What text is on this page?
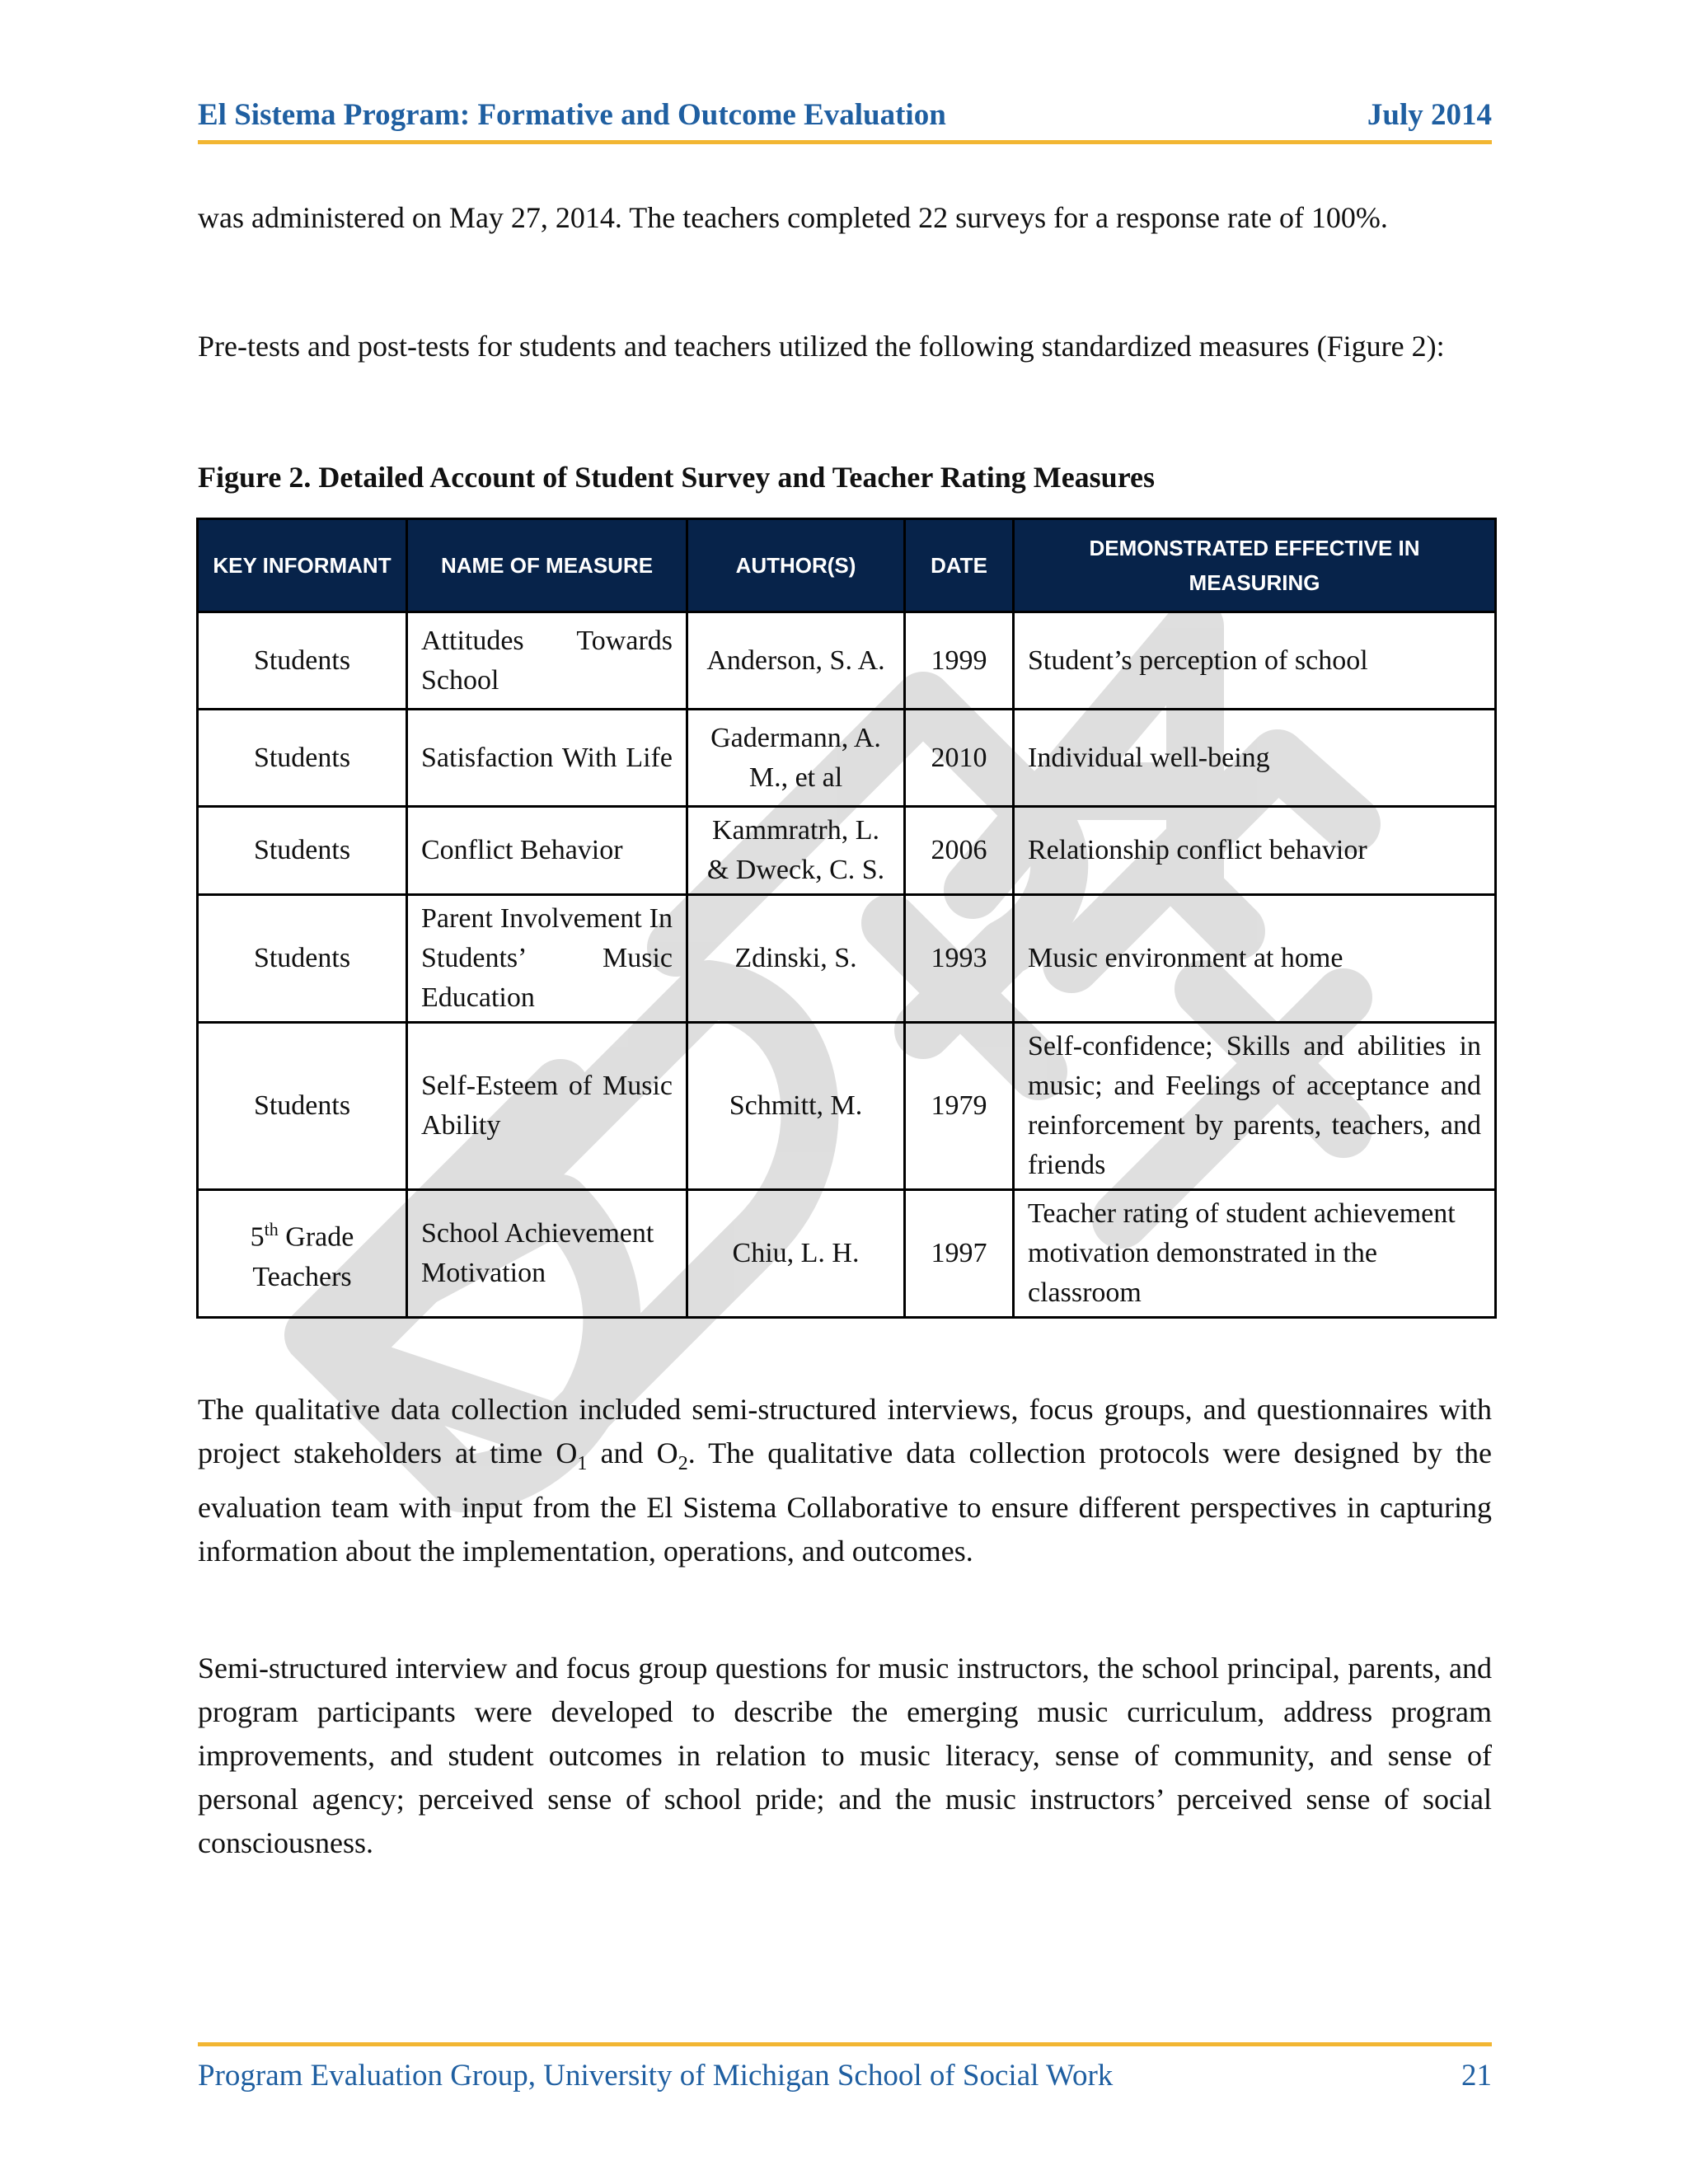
El Sistema Program: Formative and Outcome Evaluation	July 2014

was administered on May 27, 2014. The teachers completed 22 surveys for a response rate of 100%.

Pre-tests and post-tests for students and teachers utilized the following standardized measures (Figure 2):

Figure 2. Detailed Account of Student Survey and Teacher Rating Measures

KEY INFORMANT	NAME OF MEASURE	AUTHOR(S)	DATE	DEMONSTRATED EFFECTIVE IN MEASURING
Students	Attitudes Towards School	Anderson, S. A.	1999	Student’s perception of school
Students	Satisfaction With Life	Gadermann, A. M., et al	2010	Individual well-being
Students	Conflict Behavior	Kammratrh, L. & Dweck, C. S.	2006	Relationship conflict behavior
Students	Parent Involvement In Students’ Music Education	Zdinski, S.	1993	Music environment at home
Students	Self-Esteem of Music Ability	Schmitt, M.	1979	Self-confidence; Skills and abilities in music; and Feelings of acceptance and reinforcement by parents, teachers, and friends
5th Grade Teachers	School Achievement Motivation	Chiu, L. H.	1997	Teacher rating of student achievement motivation demonstrated in the classroom

The qualitative data collection included semi-structured interviews, focus groups, and questionnaires with project stakeholders at time $O_1$ and $O_2$. The qualitative data collection protocols were designed by the evaluation team with input from the El Sistema Collaborative to ensure different perspectives in capturing information about the implementation, operations, and outcomes.

Semi-structured interview and focus group questions for music instructors, the school principal, parents, and program participants were developed to describe the emerging music curriculum, address program improvements, and student outcomes in relation to music literacy, sense of community, and sense of personal agency; perceived sense of school pride; and the music instructors’ perceived sense of social consciousness.

Program Evaluation Group, University of Michigan School of Social Work	21
